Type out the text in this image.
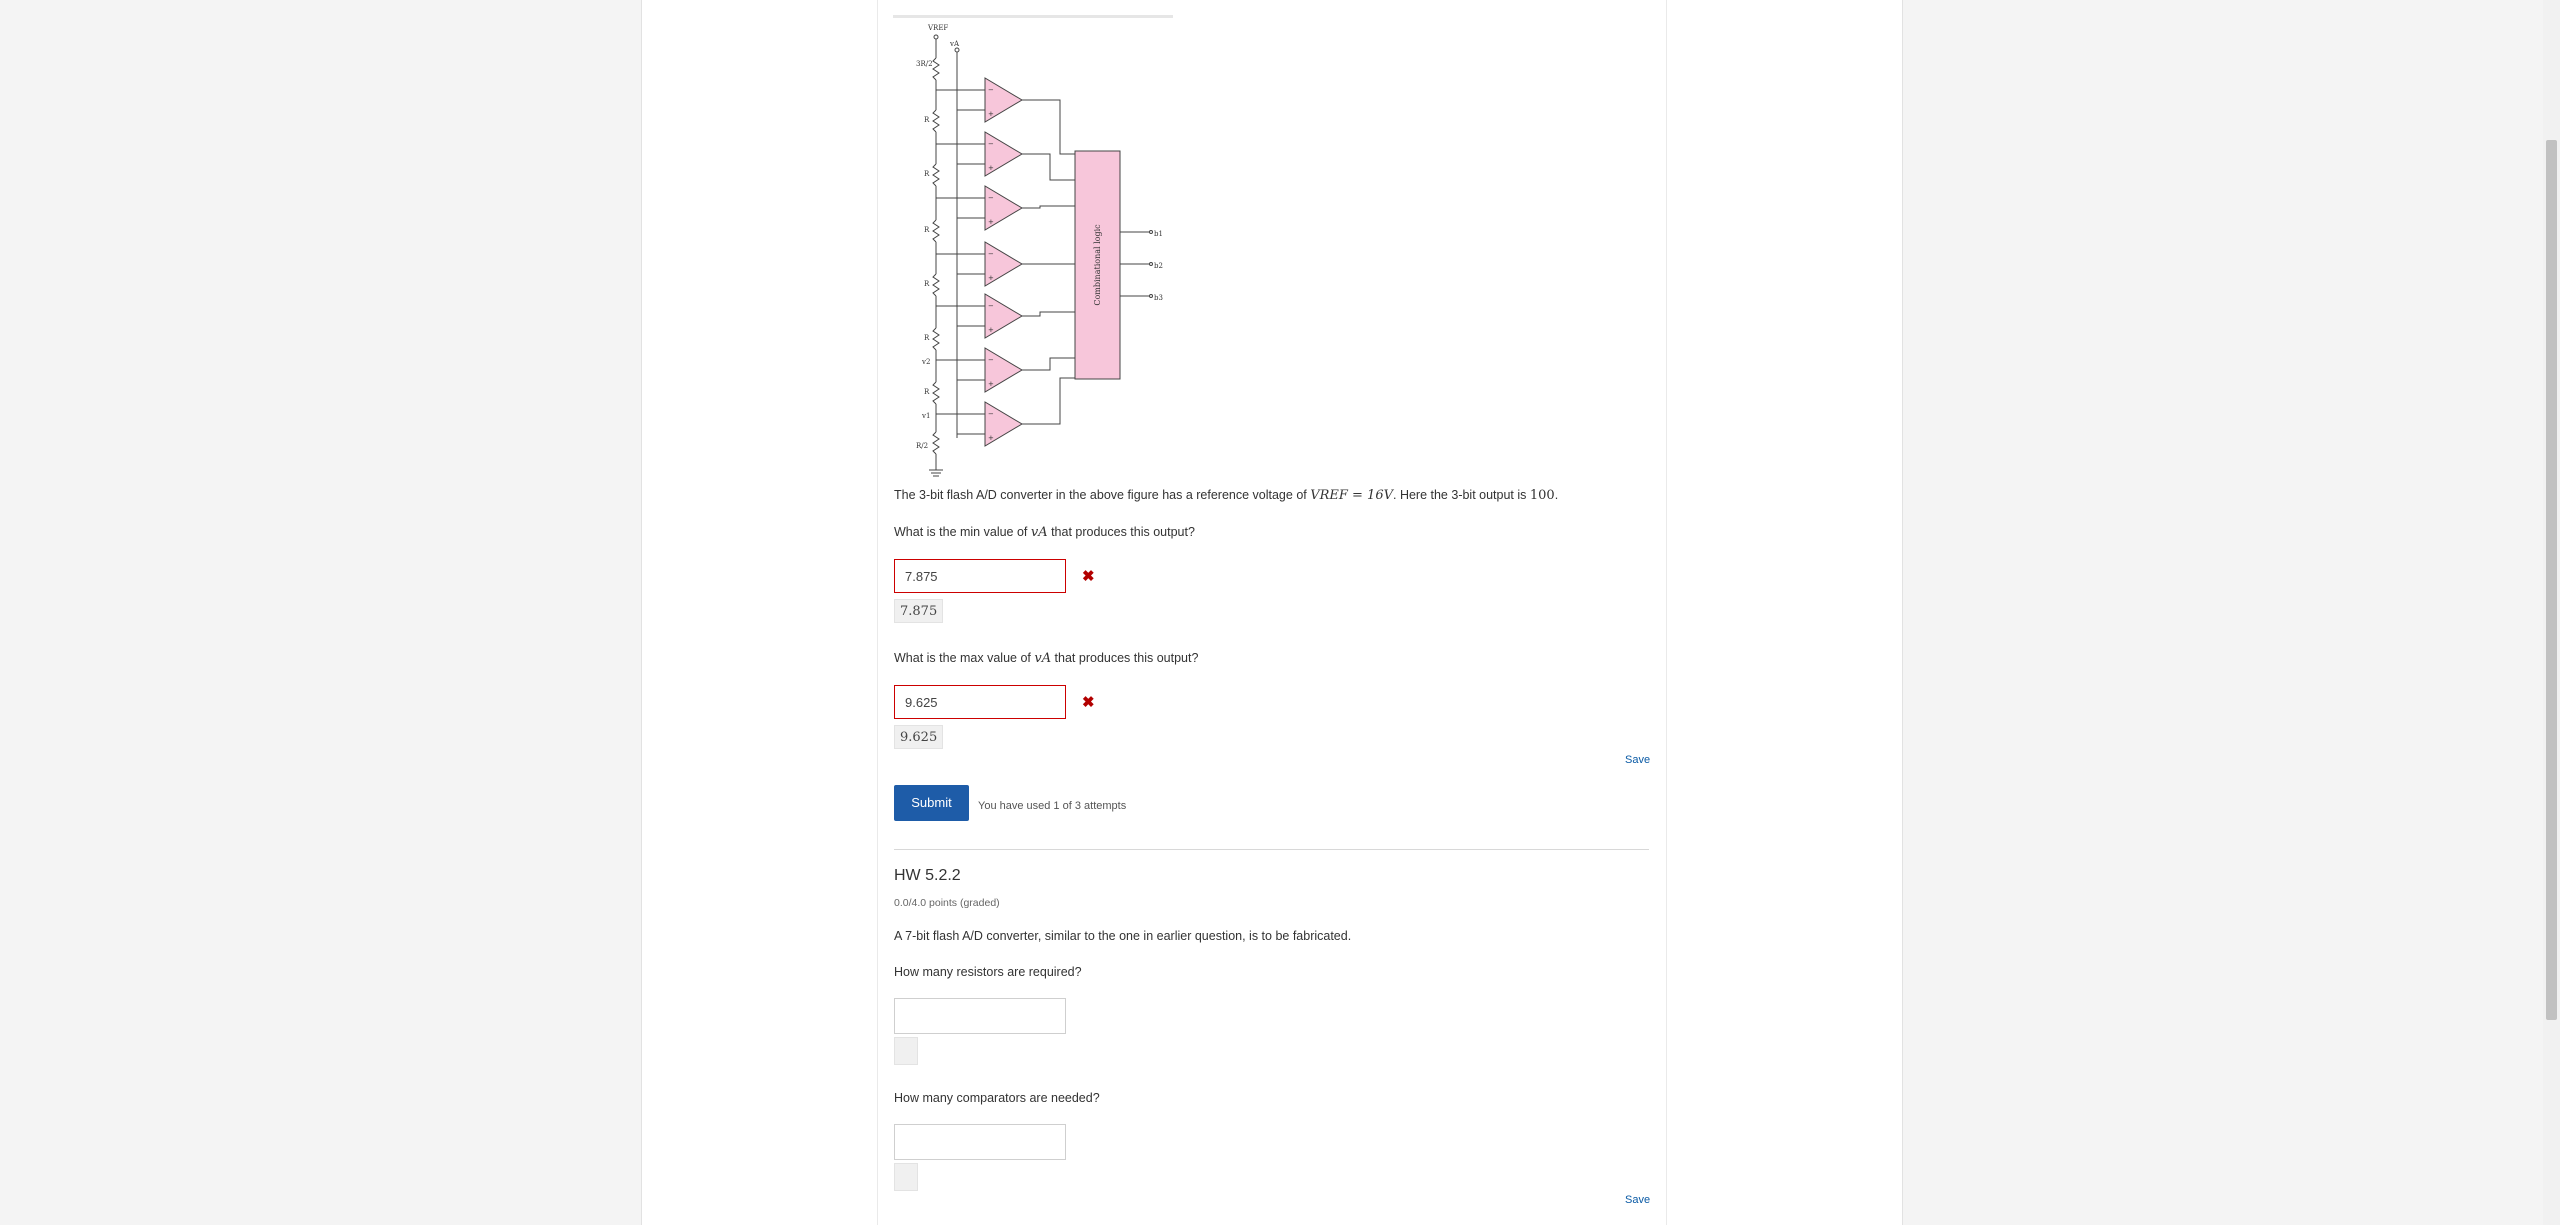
VREF
vA
3R/2
R
R
R
R
R
R
v2
v1
R/2
b1
b2
b3
−
+
−
+
−
+
−
+
−
+
−
+
−
+
Combinational logic
The 3-bit flash A/D converter in the above figure has a reference voltage of VREF = 16V. Here the 3-bit output is 100.
What is the min value of vA that produces this output?
7.875	✖
7.875
What is the max value of vA that produces this output?
9.625	✖
9.625
Save
Submit	You have used 1 of 3 attempts
HW 5.2.2
0.0/4.0 points (graded)
A 7-bit flash A/D converter, similar to the one in earlier question, is to be fabricated.
How many resistors are required?
How many comparators are needed?
Save
